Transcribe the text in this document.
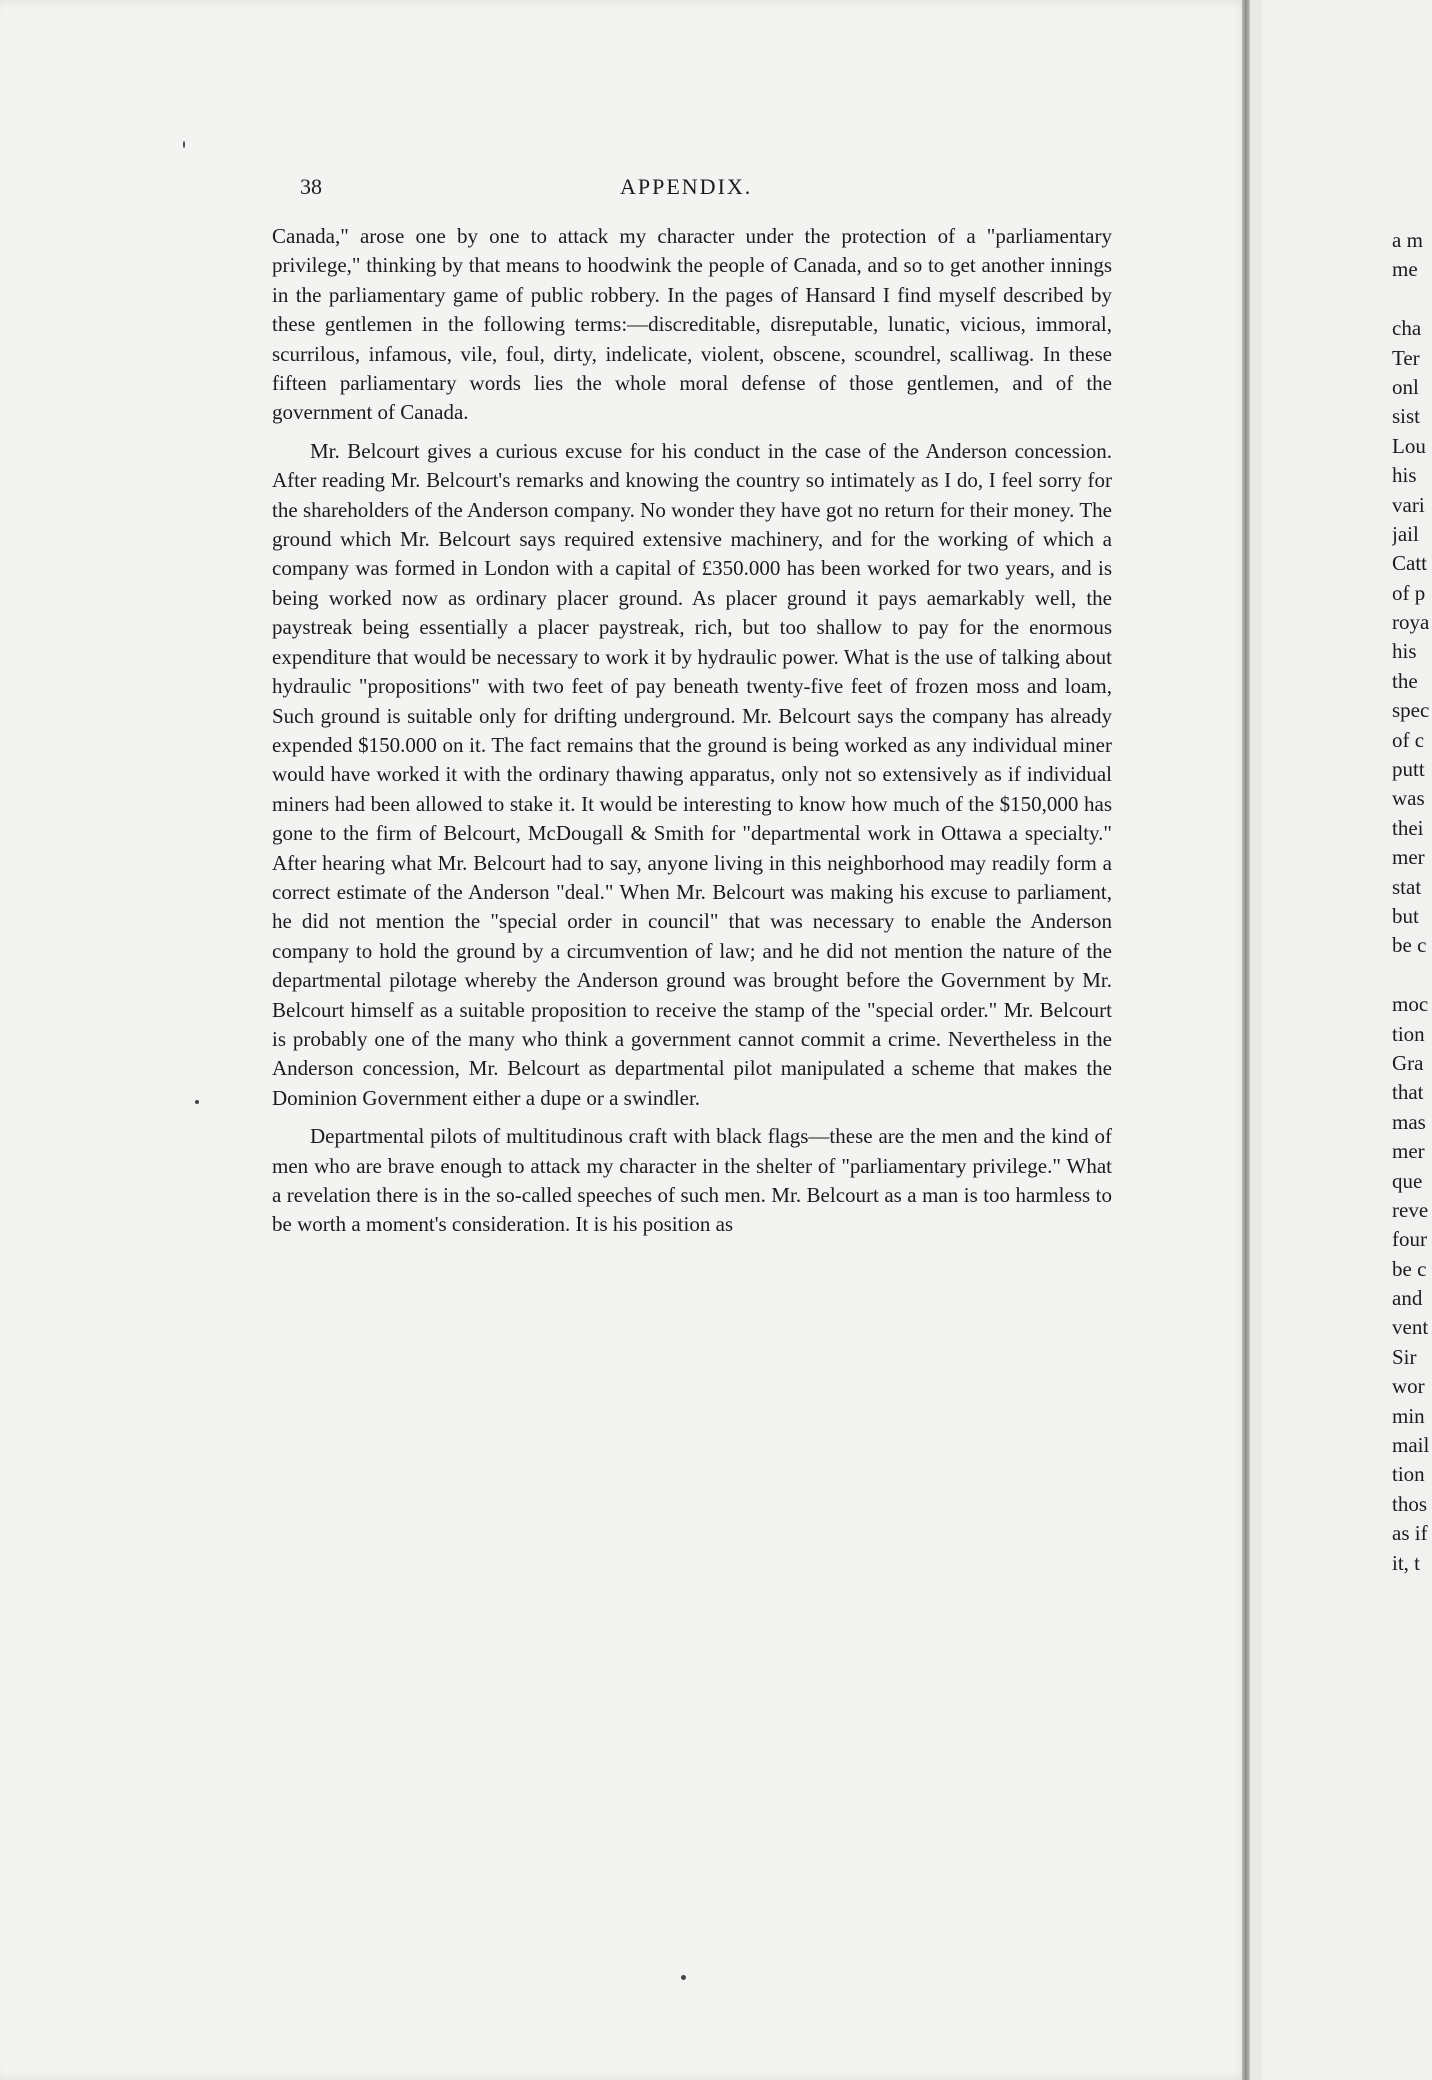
38	APPENDIX.

Canada," arose one by one to attack my character under the protection of a "parliamentary privilege," thinking by that means to hoodwink the people of Canada, and so to get another innings in the parliamentary game of public robbery. In the pages of Hansard I find myself described by these gentlemen in the following terms:—discreditable, disreputable, lunatic, vicious, immoral, scurrilous, infamous, vile, foul, dirty, indelicate, violent, obscene, scoundrel, scalliwag. In these fifteen parliamentary words lies the whole moral defense of those gentlemen, and of the government of Canada.

Mr. Belcourt gives a curious excuse for his conduct in the case of the Anderson concession. After reading Mr. Belcourt's remarks and knowing the country so intimately as I do, I feel sorry for the shareholders of the Anderson company. No wonder they have got no return for their money. The ground which Mr. Belcourt says required extensive machinery, and for the working of which a company was formed in London with a capital of £350.000 has been worked for two years, and is being worked now as ordinary placer ground. As placer ground it pays aemarkably well, the paystreak being essentially a placer paystreak, rich, but too shallow to pay for the enormous expenditure that would be necessary to work it by hydraulic power. What is the use of talking about hydraulic "propositions" with two feet of pay beneath twenty-five feet of frozen moss and loam, Such ground is suitable only for drifting underground. Mr. Belcourt says the company has already expended $150.000 on it. The fact remains that the ground is being worked as any individual miner would have worked it with the ordinary thawing apparatus, only not so extensively as if individual miners had been allowed to stake it. It would be interesting to know how much of the $150,000 has gone to the firm of Belcourt, McDougall & Smith for "departmental work in Ottawa a specialty." After hearing what Mr. Belcourt had to say, anyone living in this neighborhood may readily form a correct estimate of the Anderson "deal." When Mr. Belcourt was making his excuse to parliament, he did not mention the "special order in council" that was necessary to enable the Anderson company to hold the ground by a circumvention of law; and he did not mention the nature of the departmental pilotage whereby the Anderson ground was brought before the Government by Mr. Belcourt himself as a suitable proposition to receive the stamp of the "special order." Mr. Belcourt is probably one of the many who think a government cannot commit a crime. Nevertheless in the Anderson concession, Mr. Belcourt as departmental pilot manipulated a scheme that makes the Dominion Government either a dupe or a swindler.

Departmental pilots of multitudinous craft with black flags—these are the men and the kind of men who are brave enough to attack my character in the shelter of "parliamentary privilege." What a revelation there is in the so-called speeches of such men. Mr. Belcourt as a man is too harmless to be worth a moment's consideration. It is his position as

a m
me
cha
Ter
onl
sist
Lou
his
vari
jail
Catt
of p
roya
his
the
spec
of c
putt
was
thei
mer
stat
but
be c
moc
tion
Gra
that
mas
mer
que
reve
four
be c
and
vent
Sir
wor
min
mail
tion
thos
as if
it, t
